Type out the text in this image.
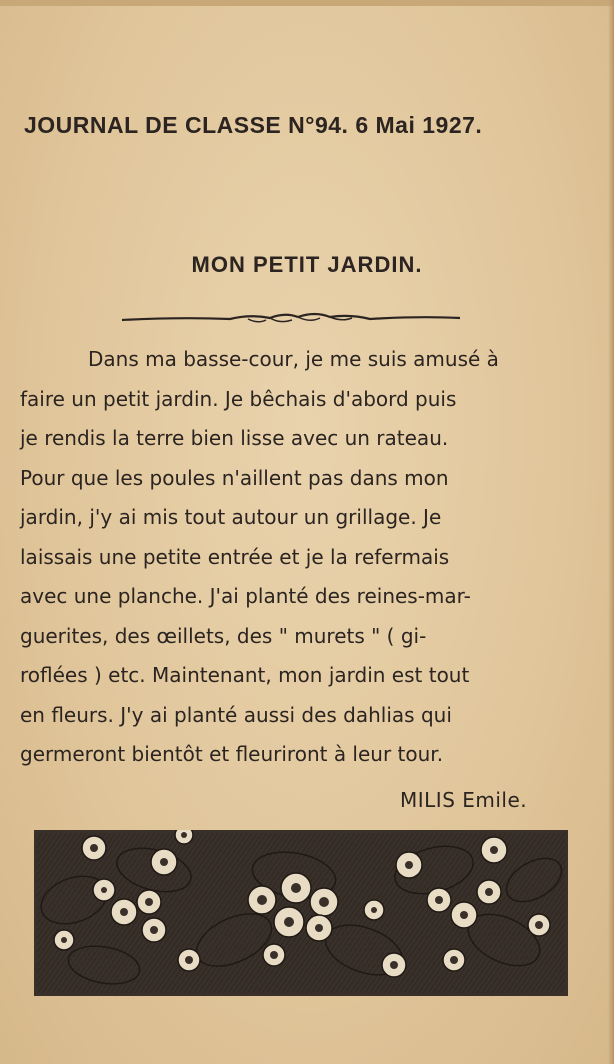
JOURNAL DE CLASSE N°94. 6 Mai 1927.
MON PETIT JARDIN.
Dans ma basse-cour, je me suis amusé à
faire un petit jardin. Je bêchais d'abord puis
je rendis la terre bien lisse avec un rateau.
Pour que les poules n'aillent pas dans mon
jardin, j'y ai mis tout autour un grillage. Je
laissais une petite entrée et je la refermais
avec une planche. J'ai planté des reines-mar-
guerites, des œillets, des " murets " ( gi-
roflées ) etc. Maintenant, mon jardin est tout
en fleurs. J'y ai planté aussi des dahlias qui
germeront bientôt et fleuriront à leur tour.
MILIS Emile.
